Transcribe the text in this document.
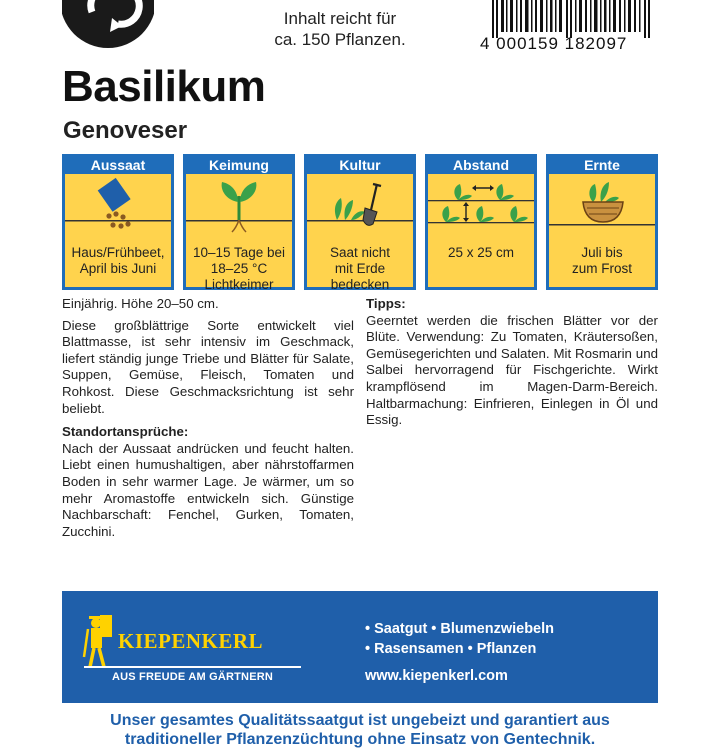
Inhalt reicht für
ca. 150 Pflanzen.	4 000159 182097
Basilikum
Genoveser
Aussaat
Haus/Frühbeet,
April bis Juni
Keimung
10–15 Tage bei
18–25 °C
Lichtkeimer
Kultur
Saat nicht
mit Erde
bedecken
Abstand
25 x 25 cm
Ernte
Juli bis
zum Frost

Einjährig. Höhe 20–50 cm.

Diese großblättrige Sorte entwickelt viel Blattmasse, ist sehr intensiv im Geschmack, liefert ständig junge Triebe und Blätter für Salate, Suppen, Gemüse, Fleisch, Tomaten und Rohkost. Diese Geschmacksrichtung ist sehr beliebt.

Standortansprüche:

Nach der Aussaat andrücken und feucht halten. Liebt einen humushaltigen, aber nährstoffarmen Boden in sehr warmer Lage. Je wärmer, um so mehr Aromastoffe entwickeln sich. Günstige Nachbarschaft: Fenchel, Gurken, Tomaten, Zucchini.

Tipps:

Geerntet werden die frischen Blätter vor der Blüte. Verwendung: Zu Tomaten, Kräutersoßen, Gemüsegerichten und Salaten. Mit Rosmarin und Salbei hervorragend für Fischgerichte. Wirkt krampflösend im Magen-Darm-Bereich. Haltbarmachung: Einfrieren, Einlegen in Öl und Essig.

KIEPENKERL
AUS FREUDE AM GÄRTNERN
• Saatgut • Blumenzwiebeln
• Rasensamen • Pflanzen
www.kiepenkerl.com
Unser gesamtes Qualitätssaatgut ist ungebeizt und garantiert aus
traditioneller Pflanzenzüchtung ohne Einsatz von Gentechnik.
